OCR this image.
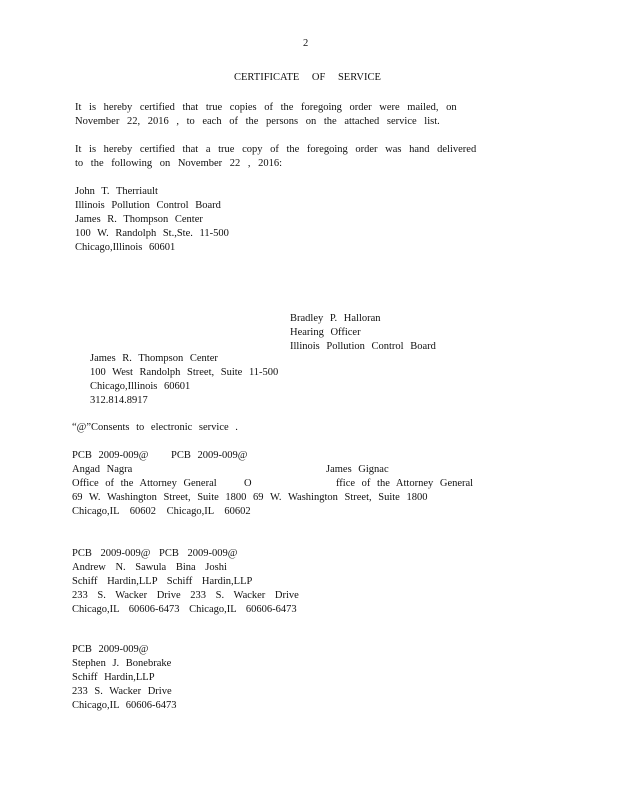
2
CERTIFICATE OF SERVICE
It is hereby certified that true copies of the foregoing order were mailed, on November 22, 2016 , to each of the persons on the attached service list.
It is hereby certified that a true copy of the foregoing order was hand delivered to the following on November 22 , 2016:
John T. Therriault
Illinois Pollution Control Board
James R. Thompson Center
100 W. Randolph St.,Ste. 11-500
Chicago,Illinois 60601
Bradley P. Halloran
Hearing Officer
Illinois Pollution Control Board
James R. Thompson Center
100 West Randolph Street, Suite 11-500
Chicago,Illinois 60601
312.814.8917
“@”Consents to electronic service .
PCB 2009-009@ PCB 2009-009@
Angad Nagra	James Gignac
Office of the Attorney General	O	ffice of the Attorney General
69 W. Washington Street, Suite 1800 69 W. Washington Street, Suite 1800
Chicago,IL 60602 Chicago,IL 60602
PCB 2009-009@ PCB 2009-009@
Andrew N. Sawula Bina Joshi
Schiff Hardin,LLP Schiff Hardin,LLP
233 S. Wacker Drive 233 S. Wacker Drive
Chicago,IL 60606-6473 Chicago,IL 60606-6473
PCB 2009-009@
Stephen J. Bonebrake
Schiff Hardin,LLP
233 S. Wacker Drive
Chicago,IL 60606-6473
